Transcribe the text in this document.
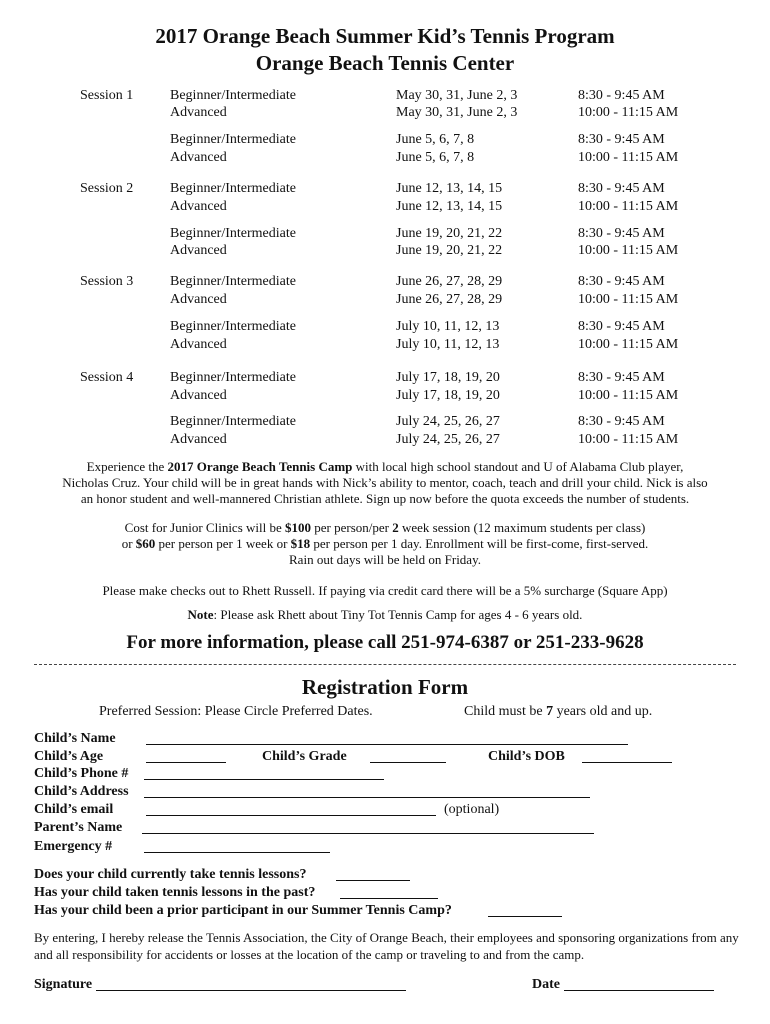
2017 Orange Beach Summer Kid’s Tennis Program
Orange Beach Tennis Center
Session 1	Beginner/Intermediate	May 30, 31, June 2, 3	8:30 - 9:45 AM
Advanced	May 30, 31, June 2, 3	10:00 - 11:15 AM
Beginner/Intermediate	June 5, 6, 7, 8	8:30 - 9:45 AM
Advanced	June 5, 6, 7, 8	10:00 - 11:15 AM
Session 2	Beginner/Intermediate	June 12, 13, 14, 15	8:30 - 9:45 AM
Advanced	June 12, 13, 14, 15	10:00 - 11:15 AM
Beginner/Intermediate	June 19, 20, 21, 22	8:30 - 9:45 AM
Advanced	June 19, 20, 21, 22	10:00 - 11:15 AM
Session 3	Beginner/Intermediate	June 26, 27, 28, 29	8:30 - 9:45 AM
Advanced	June 26, 27, 28, 29	10:00 - 11:15 AM
Beginner/Intermediate	July 10, 11, 12, 13	8:30 - 9:45 AM
Advanced	July 10, 11, 12, 13	10:00 - 11:15 AM
Session 4	Beginner/Intermediate	July 17, 18, 19, 20	8:30 - 9:45 AM
Advanced	July 17, 18, 19, 20	10:00 - 11:15 AM
Beginner/Intermediate	July 24, 25, 26, 27	8:30 - 9:45 AM
Advanced	July 24, 25, 26, 27	10:00 - 11:15 AM
Experience the 2017 Orange Beach Tennis Camp with local high school standout and U of Alabama Club player,
Nicholas Cruz. Your child will be in great hands with Nick’s ability to mentor, coach, teach and drill your child. Nick is also
an honor student and well-mannered Christian athlete. Sign up now before the quota exceeds the number of students.
Cost for Junior Clinics will be $100 per person/per 2 week session (12 maximum students per class)
or $60 per person per 1 week or $18 per person per 1 day. Enrollment will be first-come, first-served.
Rain out days will be held on Friday.
Please make checks out to Rhett Russell. If paying via credit card there will be a 5% surcharge (Square App)
Note: Please ask Rhett about Tiny Tot Tennis Camp for ages 4 - 6 years old.
For more information, please call 251-974-6387 or 251-233-9628
Registration Form
Preferred Session: Please Circle Preferred Dates.	Child must be 7 years old and up.
Child’s Name
Child’s Age	Child’s Grade	Child’s DOB
Child’s Phone #
Child’s Address
Child’s email	(optional)
Parent’s Name
Emergency #
Does your child currently take tennis lessons?
Has your child taken tennis lessons in the past?
Has your child been a prior participant in our Summer Tennis Camp?
By entering, I hereby release the Tennis Association, the City of Orange Beach, their employees and sponsoring organizations from any and all responsibility for accidents or losses at the location of the camp or traveling to and from the camp.
Signature	Date
